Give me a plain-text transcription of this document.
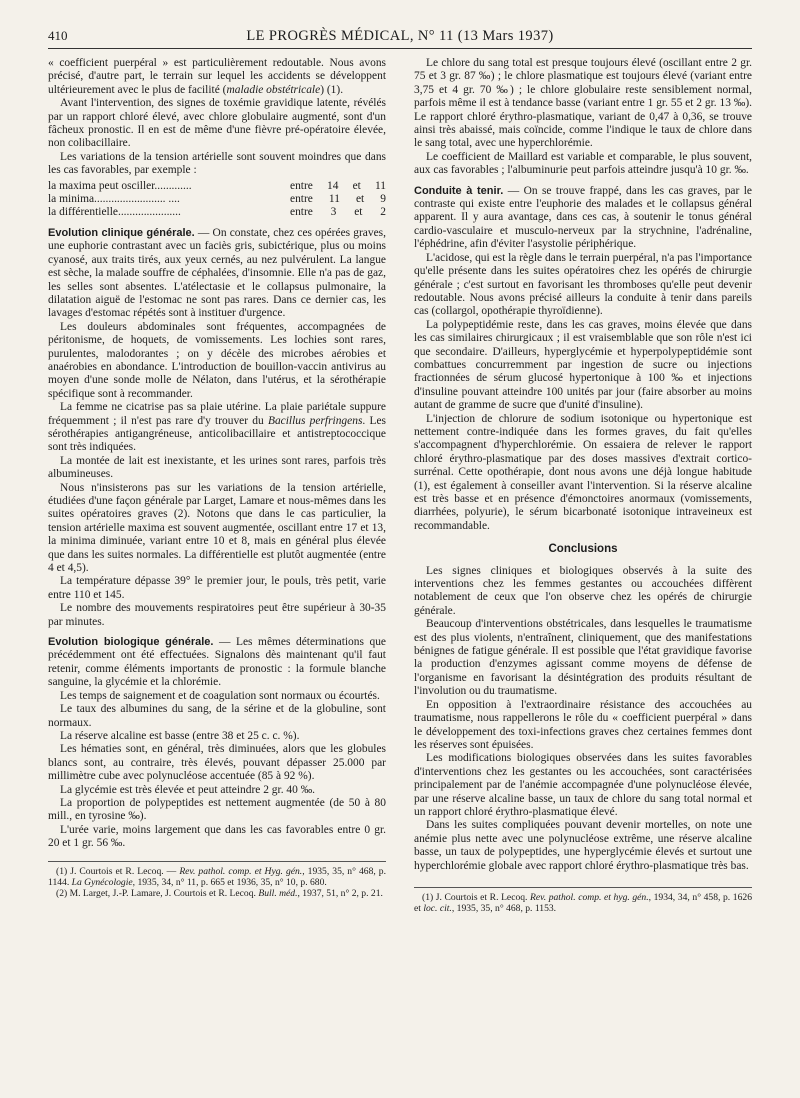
410	LE PROGRÈS MÉDICAL, N° 11 (13 Mars 1937)

« coefficient puerpéral » est particulièrement redoutable. Nous avons précisé, d'autre part, le terrain sur lequel les accidents se développent ultérieurement avec le plus de facilité (maladie obstétricale) (1).

Avant l'intervention, des signes de toxémie gravidique latente, révélés par un rapport chloré élevé, avec chlore globulaire augmenté, sont d'un fâcheux pronostic. Il en est de même d'une fièvre pré-opératoire élevée, non colibacillaire.

Les variations de la tension artérielle sont souvent moindres que dans les cas favorables, par exemple :

la maxima peut osciller.............	entre 14 et 11
la minima......................... ....	entre 11 et 9
la différentielle......................	entre 3 et 2

Evolution clinique générale. — On constate, chez ces opérées graves, une euphorie contrastant avec un faciès gris, subictérique, plus ou moins cyanosé, aux traits tirés, aux yeux cernés, au nez pulvérulent. La langue est sèche, la malade souffre de céphalées, d'insomnie. Elle n'a pas de gaz, les selles sont absentes. L'atélectasie et le collapsus pulmonaire, la dilatation aiguë de l'estomac ne sont pas rares. Dans ce dernier cas, les lavages d'estomac répétés sont à instituer d'urgence.

Les douleurs abdominales sont fréquentes, accompagnées de péritonisme, de hoquets, de vomissements. Les lochies sont rares, purulentes, malodorantes ; on y décèle des microbes aérobies et anaérobies en abondance. L'introduction de bouillon-vaccin antivirus au moyen d'une sonde molle de Nélaton, dans l'utérus, et la sérothérapie spécifique sont à recommander.

La femme ne cicatrise pas sa plaie utérine. La plaie pariétale suppure fréquemment ; il n'est pas rare d'y trouver du Bacillus perfringens. Les sérothérapies antigangréneuse, anticolibacillaire et antistreptococcique sont très indiquées.

La montée de lait est inexistante, et les urines sont rares, parfois très albumineuses.

Nous n'insisterons pas sur les variations de la tension artérielle, étudiées d'une façon générale par Larget, Lamare et nous-mêmes dans les suites opératoires graves (2). Notons que dans le cas particulier, la tension artérielle maxima est souvent augmentée, oscillant entre 17 et 13, la minima diminuée, variant entre 10 et 8, mais en général plus élevée que dans les suites normales. La différentielle est plutôt augmentée (entre 4 et 4,5).

La température dépasse 39° le premier jour, le pouls, très petit, varie entre 110 et 145.

Le nombre des mouvements respiratoires peut être supérieur à 30-35 par minutes.

Evolution biologique générale. — Les mêmes déterminations que précédemment ont été effectuées. Signalons dès maintenant qu'il faut retenir, comme éléments importants de pronostic : la formule blanche sanguine, la glycémie et la chlorémie.

Les temps de saignement et de coagulation sont normaux ou écourtés.

Le taux des albumines du sang, de la sérine et de la globuline, sont normaux.

La réserve alcaline est basse (entre 38 et 25 c. c. %).

Les hématies sont, en général, très diminuées, alors que les globules blancs sont, au contraire, très élevés, pouvant dépasser 25.000 par millimètre cube avec polynucléose accentuée (85 à 92 %).

La glycémie est très élevée et peut atteindre 2 gr. 40 ‰.

La proportion de polypeptides est nettement augmentée (de 50 à 80 mill., en tyrosine ‰).

L'urée varie, moins largement que dans les cas favorables entre 0 gr. 20 et 1 gr. 56 ‰.

(1) J. Courtois et R. Lecoq. — Rev. pathol. comp. et Hyg. gén., 1935, 35, n° 468, p. 1144. La Gynécologie, 1935, 34, n° 11, p. 665 et 1936, 35, n° 10, p. 680.

(2) M. Larget, J.-P. Lamare, J. Courtois et R. Lecoq. Bull. méd., 1937, 51, n° 2, p. 21.

Le chlore du sang total est presque toujours élevé (oscillant entre 2 gr. 75 et 3 gr. 87 ‰) ; le chlore plasmatique est toujours élevé (variant entre 3,75 et 4 gr. 70 ‰) ; le chlore globulaire reste sensiblement normal, parfois même il est à tendance basse (variant entre 1 gr. 55 et 2 gr. 13 ‰). Le rapport chloré érythro-plasmatique, variant de 0,47 à 0,36, se trouve ainsi très abaissé, mais coïncide, comme l'indique le taux de chlore dans le sang total, avec une hyperchlorémie.

Le coefficient de Maillard est variable et comparable, le plus souvent, aux cas favorables ; l'albuminurie peut parfois atteindre jusqu'à 10 gr. ‰.

Conduite à tenir. — On se trouve frappé, dans les cas graves, par le contraste qui existe entre l'euphorie des malades et le collapsus général apparent. Il y aura avantage, dans ces cas, à soutenir le tonus général cardio-vasculaire et musculo-nerveux par la strychnine, l'adrénaline, l'éphédrine, afin d'éviter l'asystolie périphérique.

L'acidose, qui est la règle dans le terrain puerpéral, n'a pas l'importance qu'elle présente dans les suites opératoires chez les opérés de chirurgie générale ; c'est surtout en favorisant les thromboses qu'elle peut devenir redoutable. Nous avons précisé ailleurs la conduite à tenir dans pareils cas (collargol, opothérapie thyroïdienne).

La polypeptidémie reste, dans les cas graves, moins élevée que dans les cas similaires chirurgicaux ; il est vraisemblable que son rôle n'est ici que secondaire. D'ailleurs, hyperglycémie et hyperpolypeptidémie sont combattues concurremment par ingestion de sucre ou injections fractionnées de sérum glucosé hypertonique à 100 ‰ et injections d'insuline pouvant atteindre 100 unités par jour (faire absorber au moins autant de gramme de sucre que d'unité d'insuline).

L'injection de chlorure de sodium isotonique ou hypertonique est nettement contre-indiquée dans les formes graves, du fait qu'elles s'accompagnent d'hyperchlorémie. On essaiera de relever le rapport chloré érythro-plasmatique par des doses massives d'extrait cortico-surrénal. Cette opothérapie, dont nous avons une déjà longue habitude (1), est également à conseiller avant l'intervention. Si la réserve alcaline est très basse et en présence d'émonctoires anormaux (vomissements, diarrhées, polyurie), le sérum bicarbonaté isotonique intraveineux est recommandable.

Conclusions

Les signes cliniques et biologiques observés à la suite des interventions chez les femmes gestantes ou accouchées diffèrent notablement de ceux que l'on observe chez les opérés de chirurgie générale.

Beaucoup d'interventions obstétricales, dans lesquelles le traumatisme est des plus violents, n'entraînent, cliniquement, que des manifestations bénignes de fatigue générale. Il est possible que l'état gravidique favorise la production d'enzymes agissant comme moyens de défense de l'organisme en favorisant la désintégration des produits résultant de l'involution ou du traumatisme.

En opposition à l'extraordinaire résistance des accouchées au traumatisme, nous rappellerons le rôle du « coefficient puerpéral » dans le développement des toxi-infections graves chez certaines femmes dont les réserves sont épuisées.

Les modifications biologiques observées dans les suites favorables d'interventions chez les gestantes ou les accouchées, sont caractérisées principalement par de l'anémie accompagnée d'une polynucléose élevée, par une réserve alcaline basse, un taux de chlore du sang total normal et un rapport chloré érythro-plasmatique élevé.

Dans les suites compliquées pouvant devenir mortelles, on note une anémie plus nette avec une polynucléose extrême, une réserve alcaline basse, un taux de polypeptides, une hyperglycémie élevés et surtout une hyperchlorémie globale avec rapport chloré érythro-plasmatique très bas.

(1) J. Courtois et R. Lecoq. Rev. pathol. comp. et hyg. gén., 1934, 34, n° 458, p. 1626 et loc. cit., 1935, 35, n° 468, p. 1153.
